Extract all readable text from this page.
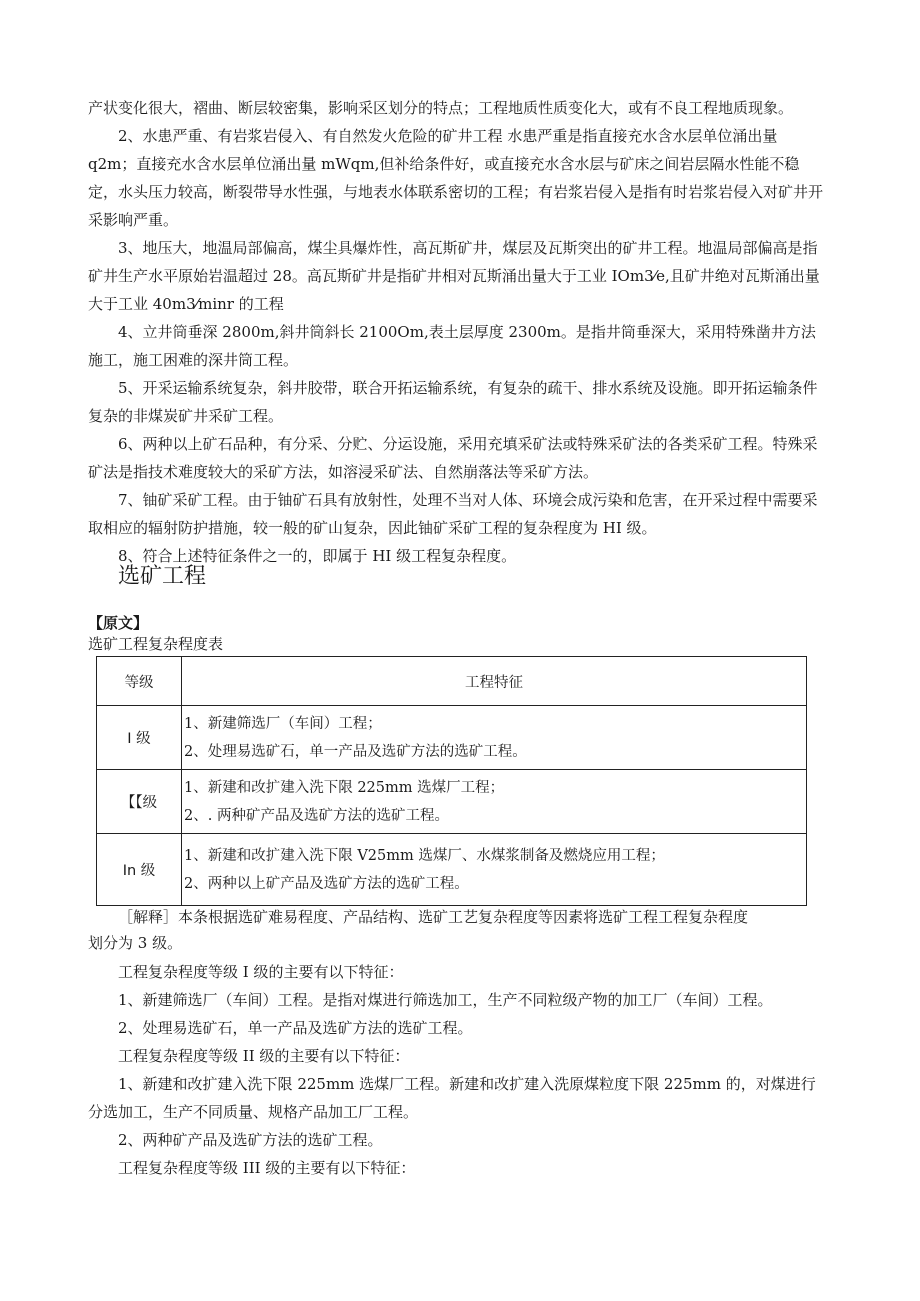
产状变化很大，褶曲、断层较密集，影响采区划分的特点；工程地质性质变化大，或有不良工程地质现象。

2、水患严重、有岩浆岩侵入、有自然发火危险的矿井工程 水患严重是指直接充水含水层单位涌出量 q2m；直接充水含水层单位涌出量 mWqm,但补给条件好，或直接充水含水层与矿床之间岩层隔水性能不稳定，水头压力较高，断裂带导水性强，与地表水体联系密切的工程；有岩浆岩侵入是指有时岩浆岩侵入对矿井开采影响严重。

3、地压大，地温局部偏高，煤尘具爆炸性，高瓦斯矿井，煤层及瓦斯突出的矿井工程。地温局部偏高是指矿井生产水平原始岩温超过 28。高瓦斯矿井是指矿井相对瓦斯涌出量大于工业 IOm3⁄e,且矿井绝对瓦斯涌出量大于工业 40m3⁄minr 的工程

4、立井筒垂深 2800m,斜井筒斜长 2100Om,表土层厚度 2300m。是指井筒垂深大，采用特殊凿井方法施工，施工困难的深井筒工程。

5、开采运输系统复杂，斜井胶带，联合开拓运输系统，有复杂的疏干、排水系统及设施。即开拓运输条件复杂的非煤炭矿井采矿工程。

6、两种以上矿石品种，有分采、分贮、分运设施，采用充填采矿法或特殊采矿法的各类采矿工程。特殊采矿法是指技术难度较大的采矿方法，如溶浸采矿法、自然崩落法等采矿方法。

7、铀矿采矿工程。由于铀矿石具有放射性，处理不当对人体、环境会成污染和危害，在开采过程中需要采取相应的辐射防护措施，较一般的矿山复杂，因此铀矿采矿工程的复杂程度为 HI 级。

8、符合上述特征条件之一的，即属于 HI 级工程复杂程度。

选矿工程

【原文】

选矿工程复杂程度表

等级	工程特征
I 级	1、新建筛选厂（车间）工程；
2、处理易选矿石，单一产品及选矿方法的选矿工程。

【【级	1、新建和改扩建入洗下限 225mm 选煤厂工程；
2、. 两种矿产品及选矿方法的选矿工程。

In 级	1、新建和改扩建入洗下限 V25mm 选煤厂、水煤浆制备及燃烧应用工程；
2、两种以上矿产品及选矿方法的选矿工程。

［解释］本条根据选矿难易程度、产品结构、选矿工艺复杂程度等因素将选矿工程工程复杂程度

划分为 3 级。

工程复杂程度等级 I 级的主要有以下特征：

1、新建筛选厂（车间）工程。是指对煤进行筛选加工，生产不同粒级产物的加工厂（车间）工程。

2、处理易选矿石，单一产品及选矿方法的选矿工程。

工程复杂程度等级 II 级的主要有以下特征：

1、新建和改扩建入洗下限 225mm 选煤厂工程。新建和改扩建入洗原煤粒度下限 225mm 的，对煤进行分选加工，生产不同质量、规格产品加工厂工程。

2、两种矿产品及选矿方法的选矿工程。

工程复杂程度等级 III 级的主要有以下特征：
